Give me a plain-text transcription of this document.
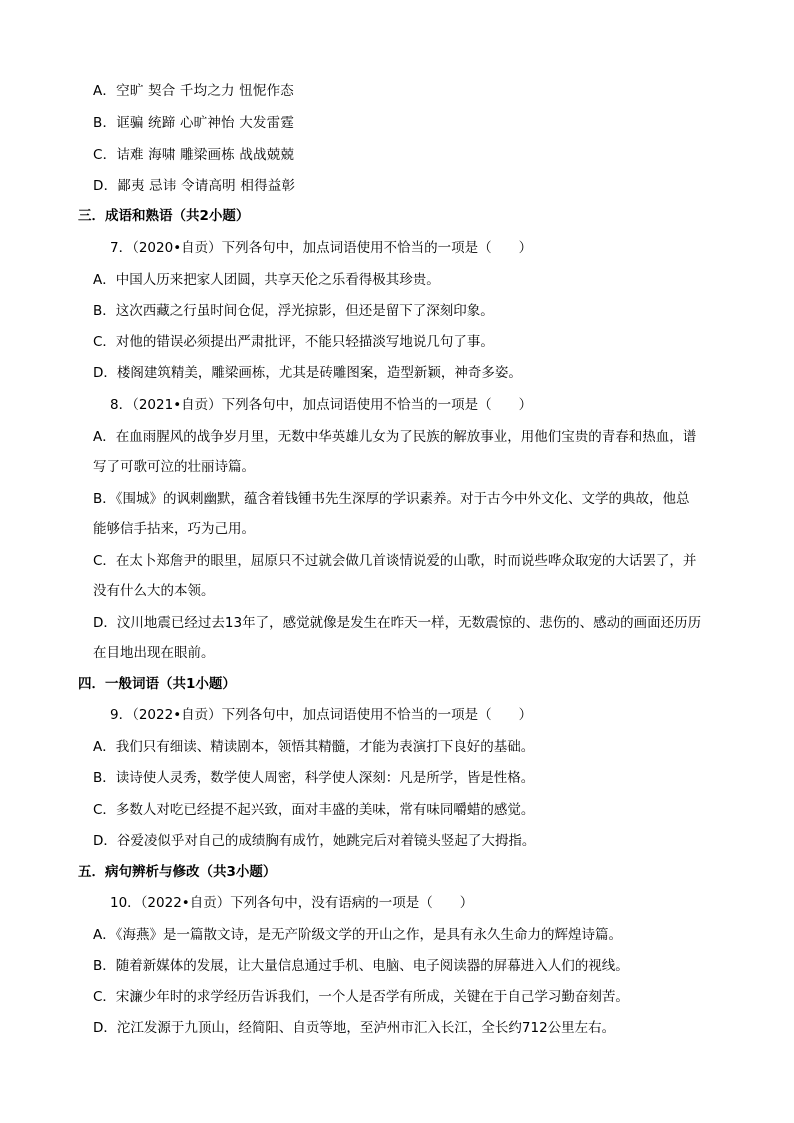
A．空旷 契合 千均之力 忸怩作态
B．诓骗 统蹄 心旷神怡 大发雷霆
C．诘难 海啸 雕梁画栋 战战兢兢
D．鄙夷 忌讳 令请高明 相得益彰
三．成语和熟语（共2小题）
7．（2020•自贡）下列各句中，加点词语使用不恰当的一项是（　　）
A．中国人历来把家人团圆，共享天伦之乐看得极其珍贵。
B．这次西藏之行虽时间仓促，浮光掠影，但还是留下了深刻印象。
C．对他的错误必须提出严肃批评，不能只轻描淡写地说几句了事。
D．楼阁建筑精美，雕梁画栋，尤其是砖雕图案，造型新颖，神奇多姿。
8．（2021•自贡）下列各句中，加点词语使用不恰当的一项是（　　）
A．在血雨腥风的战争岁月里，无数中华英雄儿女为了民族的解放事业，用他们宝贵的青春和热血，谱
写了可歌可泣的壮丽诗篇。
B．《围城》的讽刺幽默，蕴含着钱锺书先生深厚的学识素养。对于古今中外文化、文学的典故，他总
能够信手拈来，巧为己用。
C．在太卜郑詹尹的眼里，屈原只不过就会做几首谈情说爱的山歌，时而说些哗众取宠的大话罢了，并
没有什么大的本领。
D．汶川地震已经过去13年了，感觉就像是发生在昨天一样，无数震惊的、悲伤的、感动的画面还历历
在目地出现在眼前。
四．一般词语（共1小题）
9．（2022•自贡）下列各句中，加点词语使用不恰当的一项是（　　）
A．我们只有细读、精读剧本，领悟其精髓，才能为表演打下良好的基础。
B．读诗使人灵秀，数学使人周密，科学使人深刻：凡是所学，皆是性格。
C．多数人对吃已经提不起兴致，面对丰盛的美味，常有味同嚼蜡的感觉。
D．谷爱凌似乎对自己的成绩胸有成竹，她跳完后对着镜头竖起了大拇指。
五．病句辨析与修改（共3小题）
10．（2022•自贡）下列各句中，没有语病的一项是（　　）
A．《海燕》是一篇散文诗，是无产阶级文学的开山之作，是具有永久生命力的辉煌诗篇。
B．随着新媒体的发展，让大量信息通过手机、电脑、电子阅读器的屏幕进入人们的视线。
C．宋濂少年时的求学经历告诉我们，一个人是否学有所成，关键在于自己学习勤奋刻苦。
D．沱江发源于九顶山，经简阳、自贡等地，至泸州市汇入长江，全长约712公里左右。
